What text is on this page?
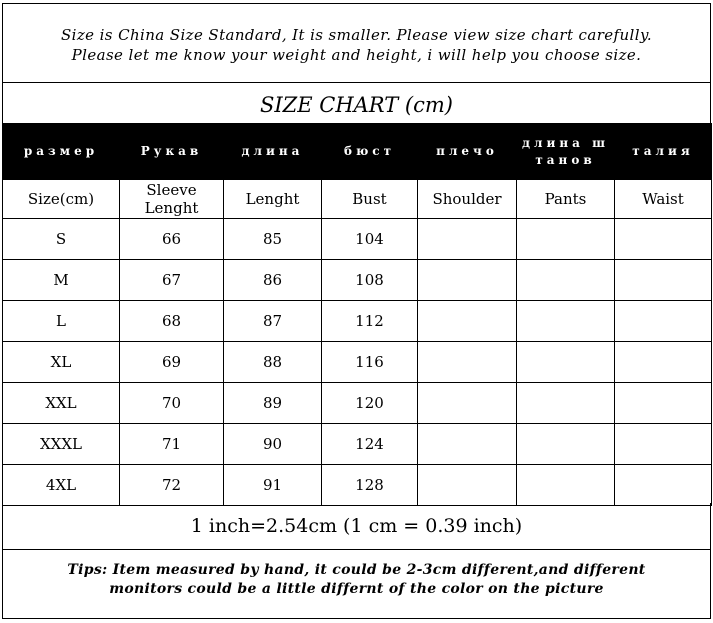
Size is China Size Standard, It is smaller. Please view size chart carefully.
Please let me know your weight and height, i will help you choose size.
SIZE CHART (cm)
размер	Рукав	длина	бюст	плечо	длина ш танов	талия
Size(cm)	Sleeve Lenght	Lenght	Bust	Shoulder	Pants	Waist
S	66	85	104			
M	67	86	108			
L	68	87	112			
XL	69	88	116			
XXL	70	89	120			
XXXL	71	90	124			
4XL	72	91	128			
1 inch=2.54cm (1 cm = 0.39 inch)
Tips: Item measured by hand, it could be 2-3cm different,and different
monitors could be a little differnt of the color on the picture
